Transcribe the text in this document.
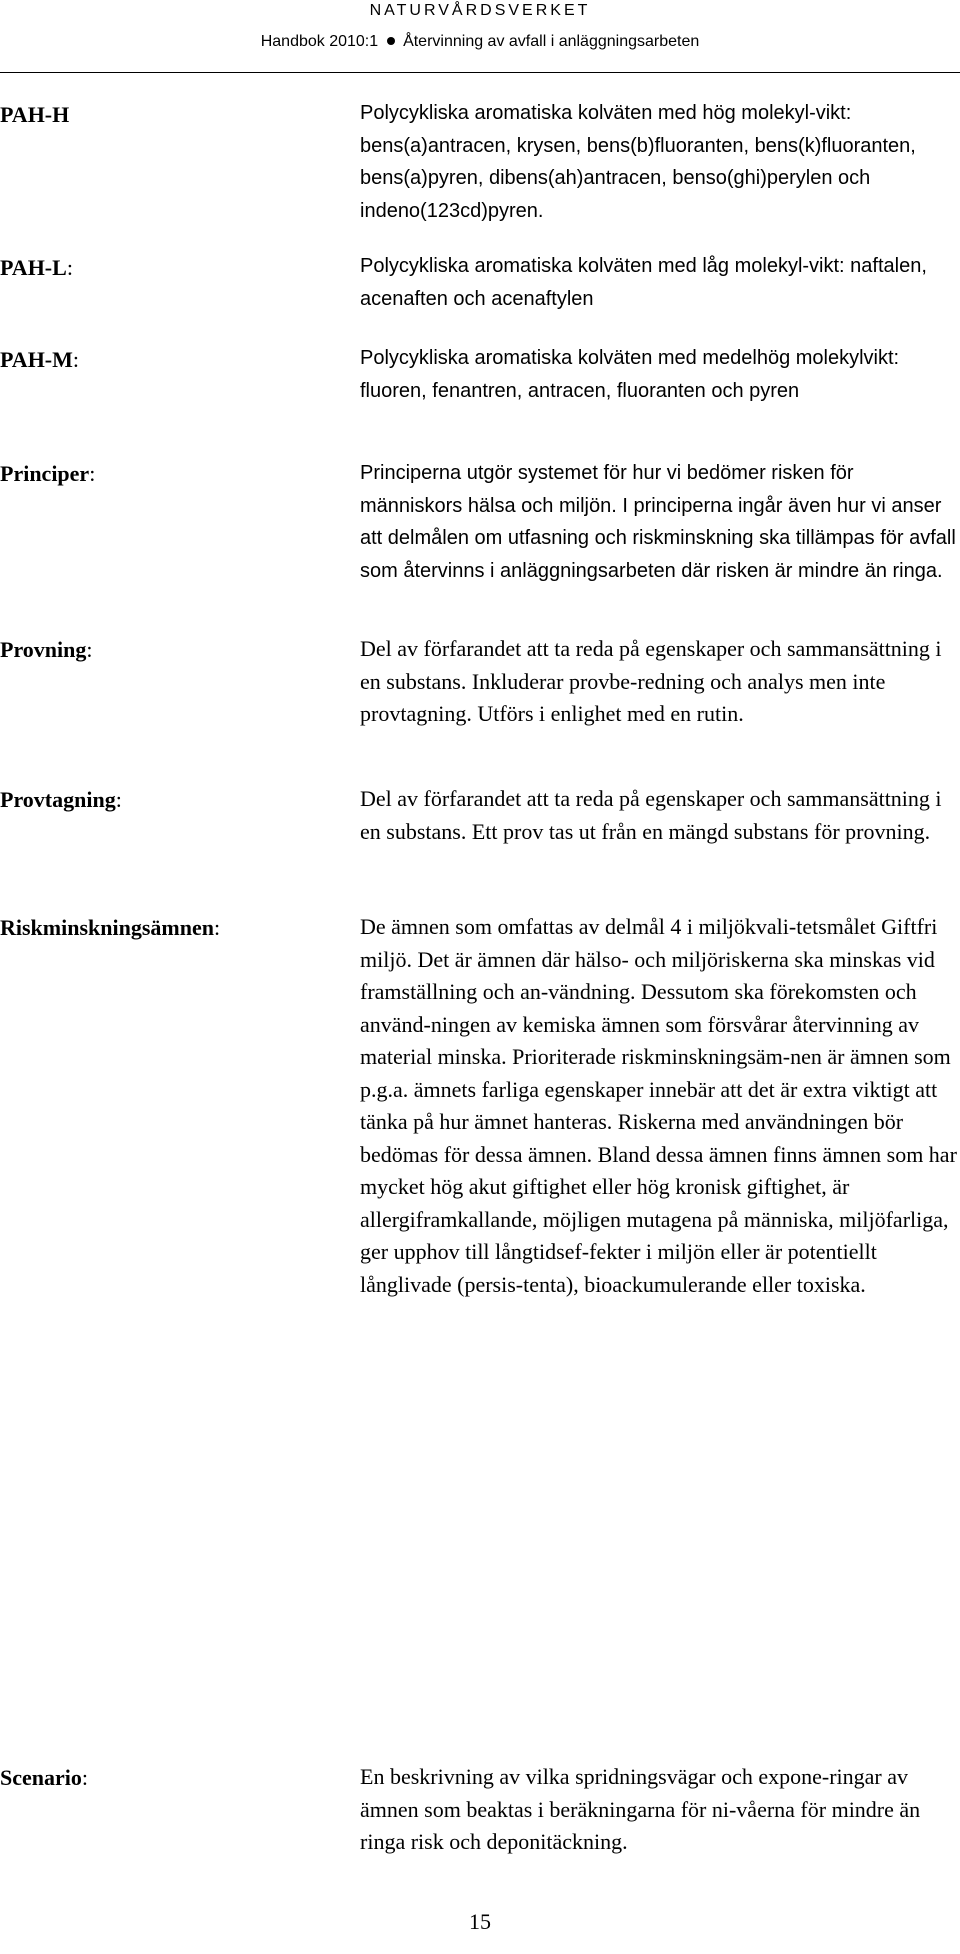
NATURVÅRDSVERKET
Handbok 2010:1 Återvinning av avfall i anläggningsarbeten
PAH-H	Polycykliska aromatiska kolväten med hög molekyl-vikt: bens(a)antracen, krysen, bens(b)fluoranten, bens(k)fluoranten, bens(a)pyren, dibens(ah)antracen, benso(ghi)perylen och indeno(123cd)pyren.
PAH-L:	Polycykliska aromatiska kolväten med låg molekyl-vikt: naftalen, acenaften och acenaftylen
PAH-M:	Polycykliska aromatiska kolväten med medelhög molekylvikt: fluoren, fenantren, antracen, fluoranten och pyren
Principer:	Principerna utgör systemet för hur vi bedömer risken för människors hälsa och miljön. I principerna ingår även hur vi anser att delmålen om utfasning och riskminskning ska tillämpas för avfall som återvinns i anläggningsarbeten där risken är mindre än ringa.
Provning:	Del av förfarandet att ta reda på egenskaper och sammansättning i en substans. Inkluderar provbe-redning och analys men inte provtagning. Utförs i enlighet med en rutin.
Provtagning:	Del av förfarandet att ta reda på egenskaper och sammansättning i en substans. Ett prov tas ut från en mängd substans för provning.
Riskminskningsämnen:	De ämnen som omfattas av delmål 4 i miljökvali-tetsmålet Giftfri miljö. Det är ämnen där hälso- och miljöriskerna ska minskas vid framställning och an-vändning. Dessutom ska förekomsten och använd-ningen av kemiska ämnen som försvårar återvinning av material minska. Prioriterade riskminskningsäm-nen är ämnen som p.g.a. ämnets farliga egenskaper innebär att det är extra viktigt att tänka på hur ämnet hanteras. Riskerna med användningen bör bedömas för dessa ämnen. Bland dessa ämnen finns ämnen som har mycket hög akut giftighet eller hög kronisk giftighet, är allergiframkallande, möjligen mutagena på människa, miljöfarliga, ger upphov till långtidsef-fekter i miljön eller är potentiellt långlivade (persis-tenta), bioackumulerande eller toxiska.
Scenario:	En beskrivning av vilka spridningsvägar och expone-ringar av ämnen som beaktas i beräkningarna för ni-våerna för mindre än ringa risk och deponitäckning.
15
